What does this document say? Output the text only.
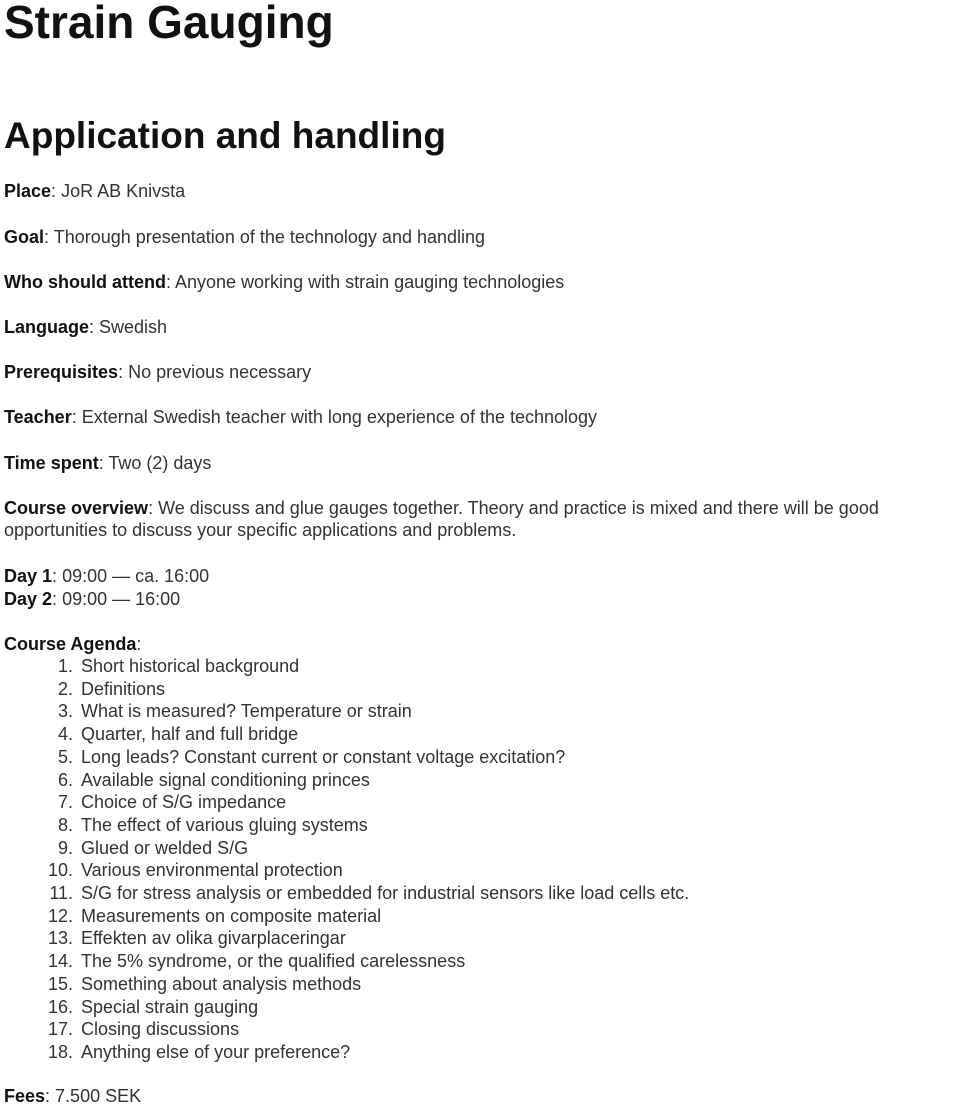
Strain Gauging
Application and handling

Place: JoR AB Knivsta

Goal: Thorough presentation of the technology and handling

Who should attend: Anyone working with strain gauging technologies

Language: Swedish

Prerequisites: No previous necessary

Teacher: External Swedish teacher with long experience of the technology

Time spent: Two (2) days

Course overview: We discuss and glue gauges together. Theory and practice is mixed and there will be good opportunities to discuss your specific applications and problems.

Day 1: 09:00 — ca. 16:00

Day 2: 09:00 — 16:00

Course Agenda:

1. Short historical background
2. Definitions
3. What is measured? Temperature or strain
4. Quarter, half and full bridge
5. Long leads? Constant current or constant voltage excitation?
6. Available signal conditioning princes
7. Choice of S/G impedance
8. The effect of various gluing systems
9. Glued or welded S/G
10. Various environmental protection
11. S/G for stress analysis or embedded for industrial sensors like load cells etc.
12. Measurements on composite material
13. Effekten av olika givarplaceringar
14. The 5% syndrome, or the qualified carelessness
15. Something about analysis methods
16. Special strain gauging
17. Closing discussions
18. Anything else of your preference?

Fees: 7.500 SEK
